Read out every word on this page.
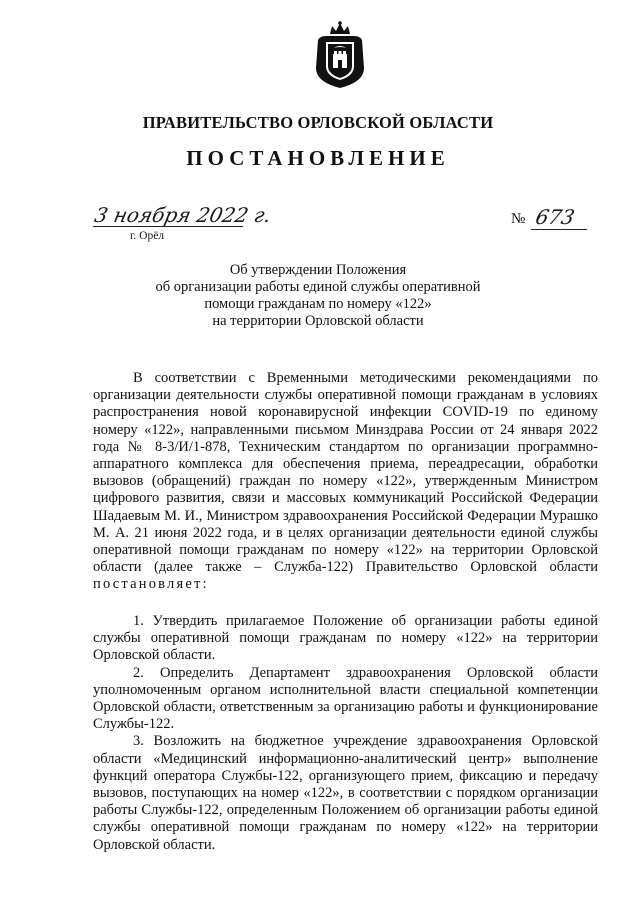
ПРАВИТЕЛЬСТВО ОРЛОВСКОЙ ОБЛАСТИ
ПОСТАНОВЛЕНИЕ
3 ноября 2022 г.
г. Орёл
№ 673
Об утверждении Положения
об организации работы единой службы оперативной
помощи гражданам по номеру «122»
на территории Орловской области

В соответствии с Временными методическими рекомендациями по организации деятельности службы оперативной помощи гражданам в условиях распространения новой коронавирусной инфекции COVID-19 по единому номеру «122», направленными письмом Минздрава России от 24 января 2022 года № 8-3/И/1-878, Техническим стандартом по организации программно-аппаратного комплекса для обеспечения приема, переадресации, обработки вызовов (обращений) граждан по номеру «122», утвержденным Министром цифрового развития, связи и массовых коммуникаций Российской Федерации Шадаевым М. И., Министром здравоохранения Российской Федерации Мурашко М. А. 21 июня 2022 года, и в целях организации деятельности единой службы оперативной помощи гражданам по номеру «122» на территории Орловской области (далее также – Служба-122) Правительство Орловской области постановляет:

1. Утвердить прилагаемое Положение об организации работы единой службы оперативной помощи гражданам по номеру «122» на территории Орловской области.

2. Определить Департамент здравоохранения Орловской области уполномоченным органом исполнительной власти специальной компетенции Орловской области, ответственным за организацию работы и функционирование Службы-122.

3. Возложить на бюджетное учреждение здравоохранения Орловской области «Медицинский информационно-аналитический центр» выполнение функций оператора Службы-122, организующего прием, фиксацию и передачу вызовов, поступающих на номер «122», в соответствии с порядком организации работы Службы-122, определенным Положением об организации работы единой службы оперативной помощи гражданам по номеру «122» на территории Орловской области.
